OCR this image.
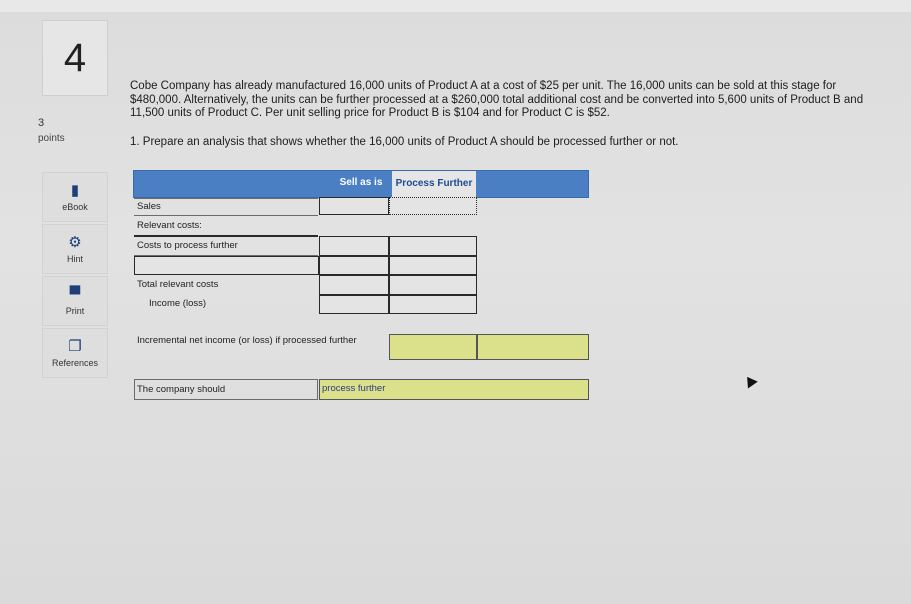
4
3
points
▮
eBook
⚙
Hint
▀
Print
❐
References
Cobe Company has already manufactured 16,000 units of Product A at a cost of $25 per unit. The 16,000 units can be sold at this stage for $480,000. Alternatively, the units can be further processed at a $260,000 total additional cost and be converted into 5,600 units of Product B and 11,500 units of Product C. Per unit selling price for Product B is $104 and for Product C is $52.
1. Prepare an analysis that shows whether the 16,000 units of Product A should be processed further or not.
Sell as is	Process Further
Sales
Relevant costs:
Costs to process further
Total relevant costs
Income (loss)
Incremental net income (or loss) if processed further
The company should	process further
